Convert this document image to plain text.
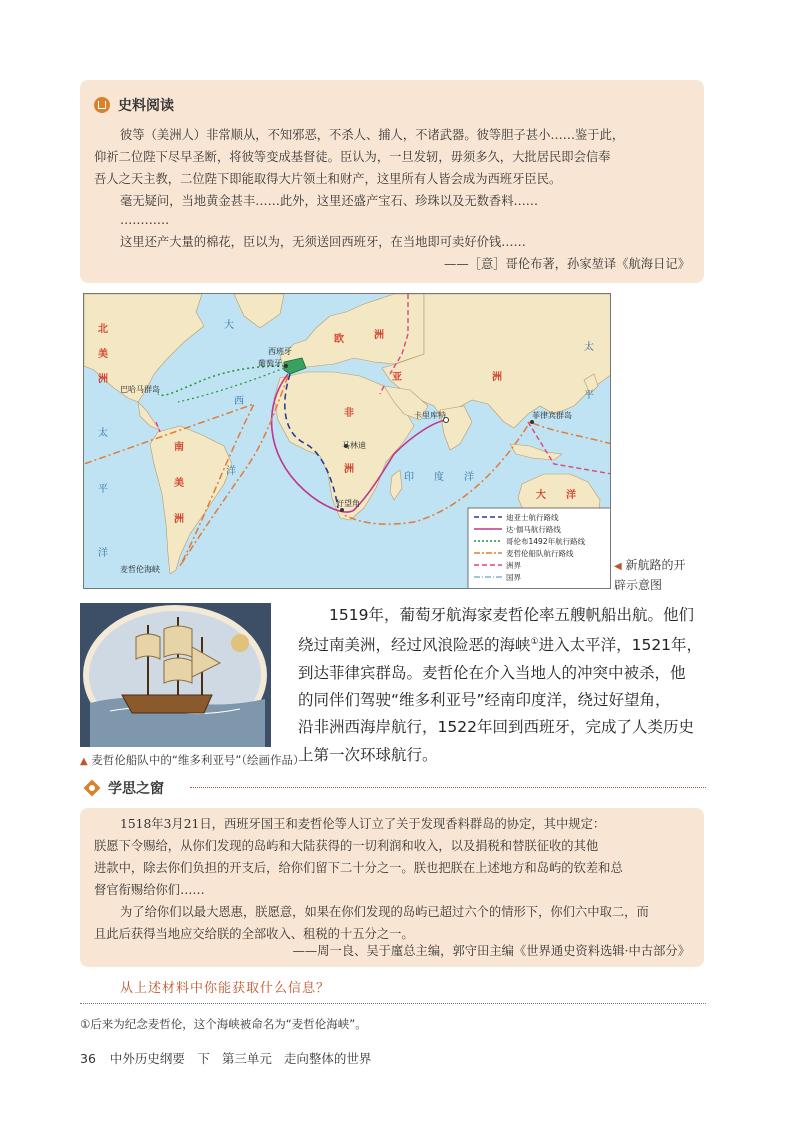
史料阅读
彼等（美洲人）非常顺从，不知邪恶，不杀人、捕人，不诸武器。彼等胆子甚小……鉴于此，
仰祈二位陛下尽早圣断，将彼等变成基督徒。臣认为，一旦发轫，毋须多久，大批居民即会信奉
吾人之天主教，二位陛下即能取得大片领土和财产，这里所有人皆会成为西班牙臣民。
毫无疑问，当地黄金甚丰……此外，这里还盛产宝石、珍珠以及无数香料……
…………
这里还产大量的棉花，臣以为，无须送回西班牙，在当地即可卖好价钱……
——［意］哥伦布著，孙家堃译《航海日记》
北
美
洲
欧	洲
亚	洲
非
洲
南
美
洲
大 洋
大
西
洋
印 度 洋
太
平
洋
太
平
西班牙
葡萄牙
巴哈马群岛
卡里库特
马林迪
好望角
菲律宾群岛
麦哲伦海峡
迪亚士航行路线
达·伽马航行路线
哥伦布1492年航行路线
麦哲伦船队航行路线
洲界
国界
◀ 新航路的开
辟示意图
▲ 麦哲伦船队中的“维多利亚号”（绘画作品）
1519年，葡萄牙航海家麦哲伦率五艘帆船出航。他们
绕过南美洲，经过风浪险恶的海峡①进入太平洋，1521年，
到达菲律宾群岛。麦哲伦在介入当地人的冲突中被杀，他
的同伴们驾驶“维多利亚号”经南印度洋，绕过好望角，
沿非洲西海岸航行，1522年回到西班牙，完成了人类历史
上第一次环球航行。
学思之窗
1518年3月21日，西班牙国王和麦哲伦等人订立了关于发现香料群岛的协定，其中规定：
朕愿下令赐给，从你们发现的岛屿和大陆获得的一切利润和收入，以及捐税和替朕征收的其他
进款中，除去你们负担的开支后，给你们留下二十分之一。朕也把朕在上述地方和岛屿的钦差和总
督官衔赐给你们……
为了给你们以最大恩惠，朕愿意，如果在你们发现的岛屿已超过六个的情形下，你们六中取二，而
且此后获得当地应交给朕的全部收入、租税的十五分之一。
——周一良、吴于廑总主编，郭守田主编《世界通史资料选辑·中古部分》
从上述材料中你能获取什么信息？
①后来为纪念麦哲伦，这个海峡被命名为“麦哲伦海峡”。
36 中外历史纲要　下 第三单元 走向整体的世界
